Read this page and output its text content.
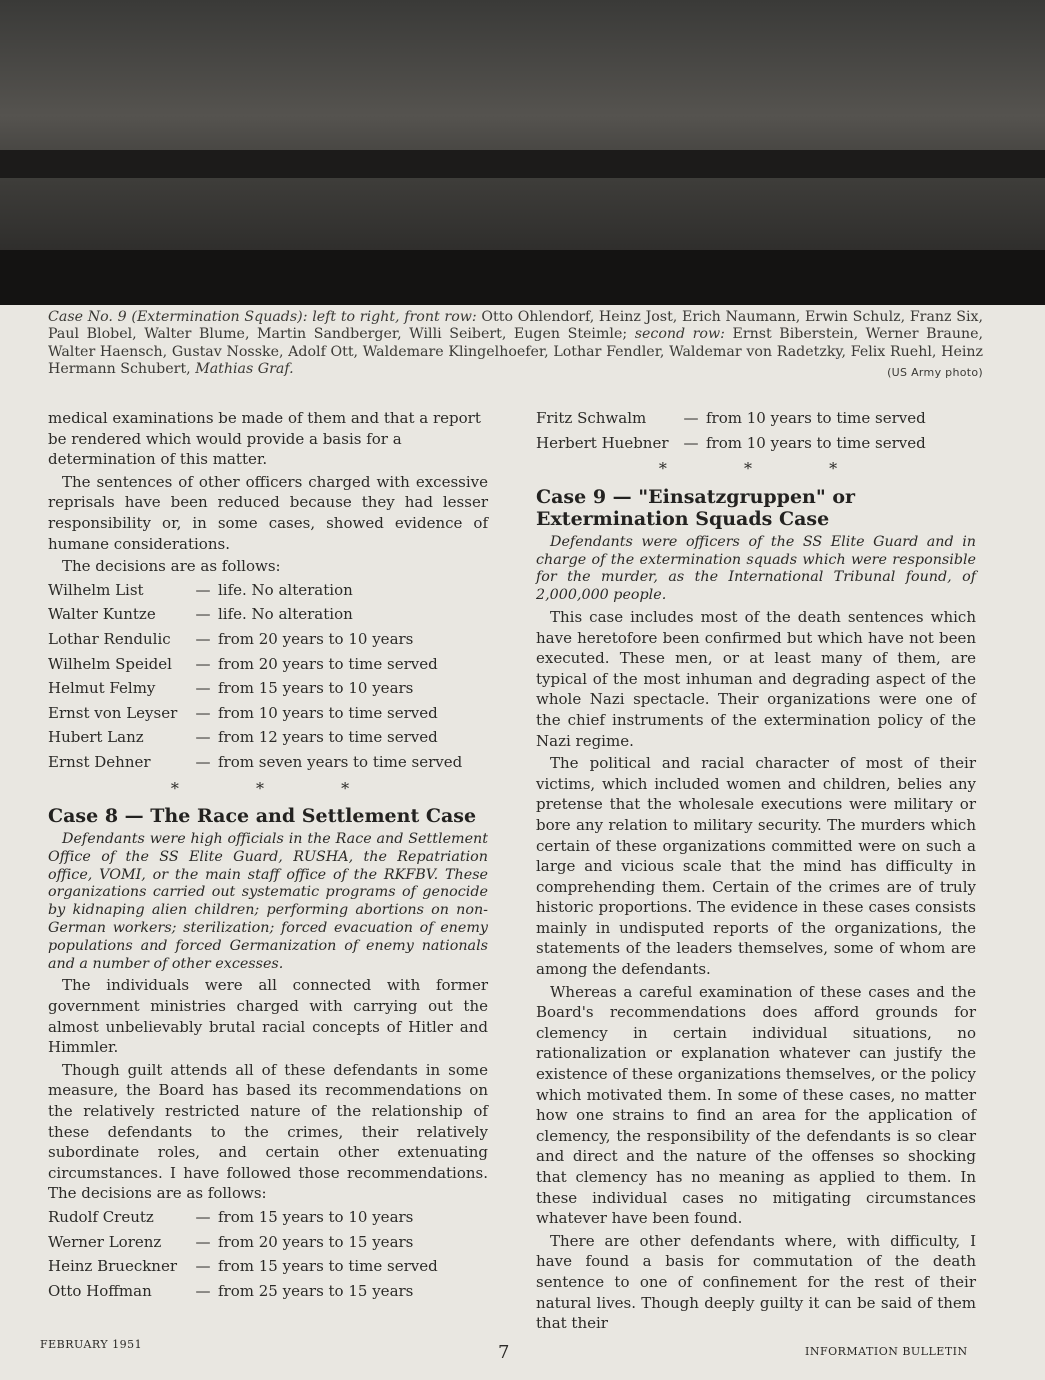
Case No. 9 (Extermination Squads): left to right, front row: Otto Ohlendorf, Heinz Jost, Erich Naumann, Erwin Schulz, Franz Six, Paul Blobel, Walter Blume, Martin Sandberger, Willi Seibert, Eugen Steimle; second row: Ernst Biberstein, Werner Braune, Walter Haensch, Gustav Nosske, Adolf Ott, Waldemare Klingelhoefer, Lothar Fendler, Waldemar von Radetzky, Felix Ruehl, Heinz Hermann Schubert, Mathias Graf.	(US Army photo)

medical examinations be made of them and that a report be rendered which would provide a basis for a determination of this matter.

The sentences of other officers charged with excessive reprisals have been reduced because they had lesser responsibility or, in some cases, showed evidence of humane considerations.

The decisions are as follows:

Wilhelm List	— life. No alteration
Walter Kuntze	— life. No alteration
Lothar Rendulic	— from 20 years to 10 years
Wilhelm Speidel	— from 20 years to time served
Helmut Felmy	— from 15 years to 10 years
Ernst von Leyser	— from 10 years to time served
Hubert Lanz	— from 12 years to time served
Ernst Dehner	— from seven years to time served
* * *
Case 8 — The Race and Settlement Case

Defendants were high officials in the Race and Settlement Office of the SS Elite Guard, RUSHA, the Repatriation office, VOMI, or the main staff office of the RKFBV. These organizations carried out systematic programs of genocide by kidnaping alien children; performing abortions on non-German workers; sterilization; forced evacuation of enemy populations and forced Germanization of enemy nationals and a number of other excesses.

The individuals were all connected with former government ministries charged with carrying out the almost unbelievably brutal racial concepts of Hitler and Himmler.

Though guilt attends all of these defendants in some measure, the Board has based its recommendations on the relatively restricted nature of the relationship of these defendants to the crimes, their relatively subordinate roles, and certain other extenuating circumstances. I have followed those recommendations. The decisions are as follows:

Rudolf Creutz	— from 15 years to 10 years
Werner Lorenz	— from 20 years to 15 years
Heinz Brueckner	— from 15 years to time served
Otto Hoffman	— from 25 years to 15 years
Fritz Schwalm	— from 10 years to time served
Herbert Huebner — from 10 years to time served
* * *
Case 9 — "Einsatzgruppen" or Extermination Squads Case

Defendants were officers of the SS Elite Guard and in charge of the extermination squads which were responsible for the murder, as the International Tribunal found, of 2,000,000 people.

This case includes most of the death sentences which have heretofore been confirmed but which have not been executed. These men, or at least many of them, are typical of the most inhuman and degrading aspect of the whole Nazi spectacle. Their organizations were one of the chief instruments of the extermination policy of the Nazi regime.

The political and racial character of most of their victims, which included women and children, belies any pretense that the wholesale executions were military or bore any relation to military security. The murders which certain of these organizations committed were on such a large and vicious scale that the mind has difficulty in comprehending them. Certain of the crimes are of truly historic proportions. The evidence in these cases consists mainly in undisputed reports of the organizations, the statements of the leaders themselves, some of whom are among the defendants.

Whereas a careful examination of these cases and the Board's recommendations does afford grounds for clemency in certain individual situations, no rationalization or explanation whatever can justify the existence of these organizations themselves, or the policy which motivated them. In some of these cases, no matter how one strains to find an area for the application of clemency, the responsibility of the defendants is so clear and direct and the nature of the offenses so shocking that clemency has no meaning as applied to them. In these individual cases no mitigating circumstances whatever have been found.

There are other defendants where, with difficulty, I have found a basis for commutation of the death sentence to one of confinement for the rest of their natural lives. Though deeply guilty it can be said of them that their

FEBRUARY 1951	7	INFORMATION BULLETIN
